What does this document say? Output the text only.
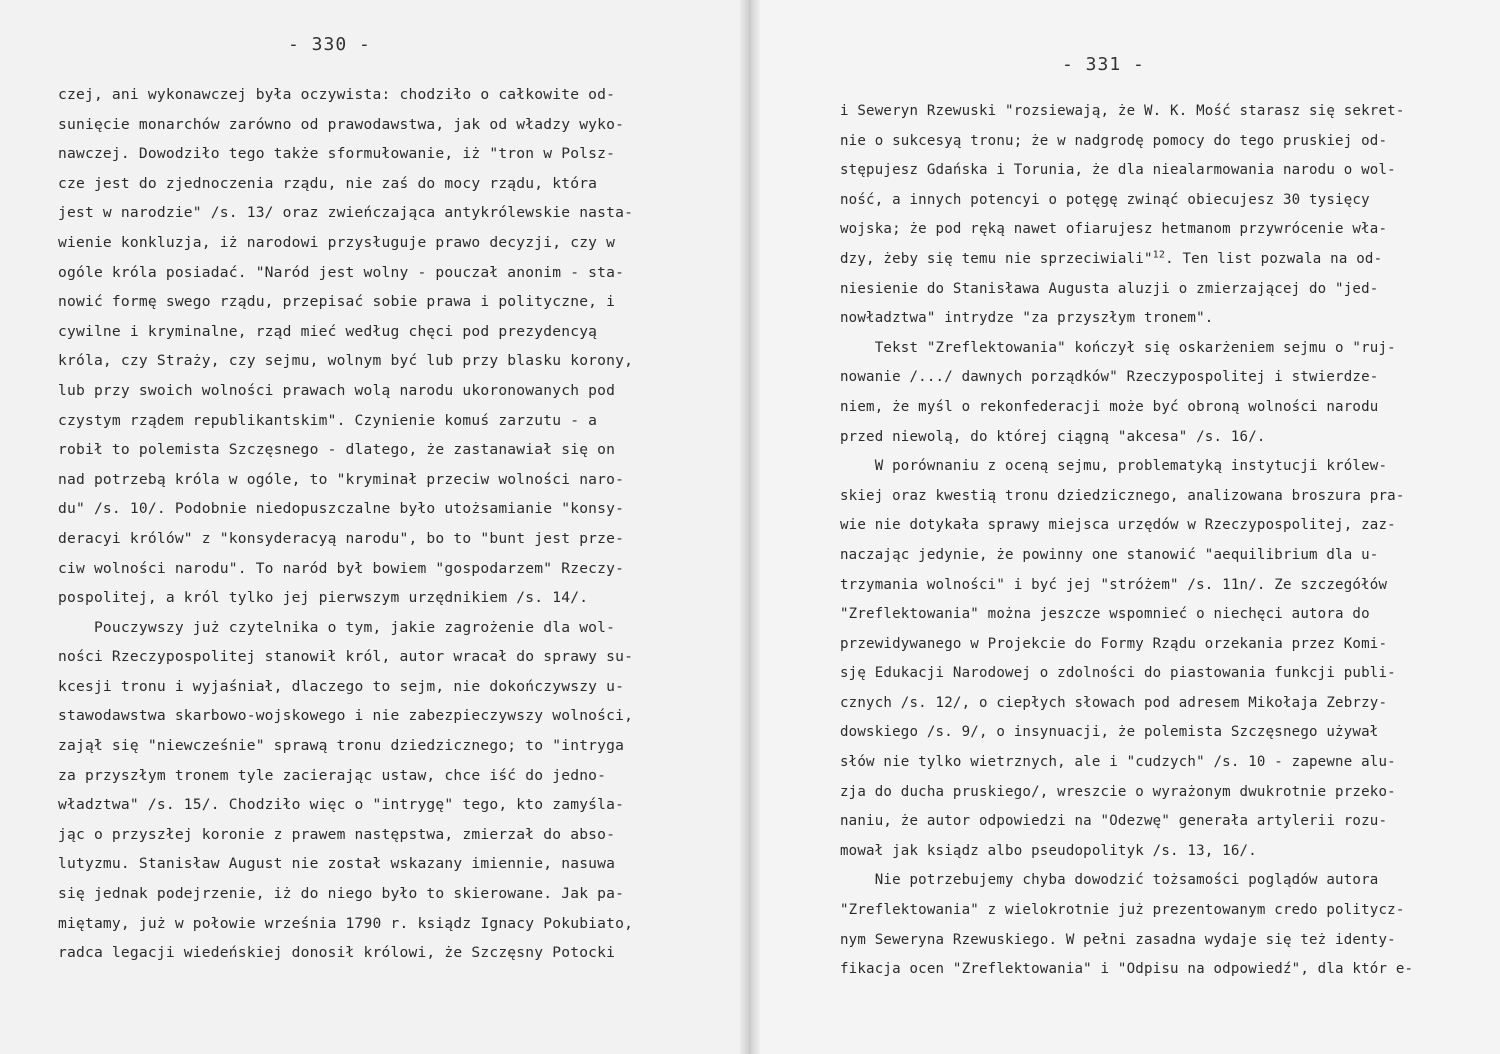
- 330 -
czej, ani wykonawczej była oczywista: chodziło o całkowite od-
sunięcie monarchów zarówno od prawodawstwa, jak od władzy wyko-
nawczej. Dowodziło tego także sformułowanie, iż "tron w Polsz-
cze jest do zjednoczenia rządu, nie zaś do mocy rządu, która
jest w narodzie" /s. 13/ oraz zwieńczająca antykrólewskie nasta-
wienie konkluzja, iż narodowi przysługuje prawo decyzji, czy w
ogóle króla posiadać. "Naród jest wolny - pouczał anonim - sta-
nowić formę swego rządu, przepisać sobie prawa i polityczne, i
cywilne i kryminalne, rząd mieć według chęci pod prezydencyą
króla, czy Straży, czy sejmu, wolnym być lub przy blasku korony,
lub przy swoich wolności prawach wolą narodu ukoronowanych pod
czystym rządem republikantskim". Czynienie komuś zarzutu - a
robił to polemista Szczęsnego - dlatego, że zastanawiał się on
nad potrzebą króla w ogóle, to "kryminał przeciw wolności naro-
du" /s. 10/. Podobnie niedopuszczalne było utożsamianie "konsy-
deracyi królów" z "konsyderacyą narodu", bo to "bunt jest prze-
ciw wolności narodu". To naród był bowiem "gospodarzem" Rzeczy-
pospolitej, a król tylko jej pierwszym urzędnikiem /s. 14/.
Pouczywszy już czytelnika o tym, jakie zagrożenie dla wol-
ności Rzeczypospolitej stanowił król, autor wracał do sprawy su-
kcesji tronu i wyjaśniał, dlaczego to sejm, nie dokończywszy u-
stawodawstwa skarbowo-wojskowego i nie zabezpieczywszy wolności,
zajął się "niewcześnie" sprawą tronu dziedzicznego; to "intryga
za przyszłym tronem tyle zacierając ustaw, chce iść do jedno-
władztwa" /s. 15/. Chodziło więc o "intrygę" tego, kto zamyśla-
jąc o przyszłej koronie z prawem następstwa, zmierzał do abso-
lutyzmu. Stanisław August nie został wskazany imiennie, nasuwa
się jednak podejrzenie, iż do niego było to skierowane. Jak pa-
miętamy, już w połowie września 1790 r. ksiądz Ignacy Pokubiato,
radca legacji wiedeńskiej donosił królowi, że Szczęsny Potocki
- 331 -
i Seweryn Rzewuski "rozsiewają, że W. K. Mość starasz się sekret-
nie o sukcesyą tronu; że w nadgrodę pomocy do tego pruskiej od-
stępujesz Gdańska i Torunia, że dla niealarmowania narodu o wol-
ność, a innych potencyi o potęgę zwinąć obiecujesz 30 tysięcy
wojska; że pod ręką nawet ofiarujesz hetmanom przywrócenie wła-
dzy, żeby się temu nie sprzeciwiali"$^{12}$. Ten list pozwala na od-
niesienie do Stanisława Augusta aluzji o zmierzającej do "jed-
nowładztwa" intrydze "za przyszłym tronem".
Tekst "Zreflektowania" kończył się oskarżeniem sejmu o "ruj-
nowanie /.../ dawnych porządków" Rzeczypospolitej i stwierdze-
niem, że myśl o rekonfederacji może być obroną wolności narodu
przed niewolą, do której ciągną "akcesa" /s. 16/.
W porównaniu z oceną sejmu, problematyką instytucji królew-
skiej oraz kwestią tronu dziedzicznego, analizowana broszura pra-
wie nie dotykała sprawy miejsca urzędów w Rzeczypospolitej, zaz-
naczając jedynie, że powinny one stanowić "aequilibrium dla u-
trzymania wolności" i być jej "stróżem" /s. 11n/. Ze szczegółów
"Zreflektowania" można jeszcze wspomnieć o niechęci autora do
przewidywanego w Projekcie do Formy Rządu orzekania przez Komi-
sję Edukacji Narodowej o zdolności do piastowania funkcji publi-
cznych /s. 12/, o ciepłych słowach pod adresem Mikołaja Zebrzy-
dowskiego /s. 9/, o insynuacji, że polemista Szczęsnego używał
słów nie tylko wietrznych, ale i "cudzych" /s. 10 - zapewne alu-
zja do ducha pruskiego/, wreszcie o wyrażonym dwukrotnie przeko-
naniu, że autor odpowiedzi na "Odezwę" generała artylerii rozu-
mował jak ksiądz albo pseudopolityk /s. 13, 16/.
Nie potrzebujemy chyba dowodzić tożsamości poglądów autora
"Zreflektowania" z wielokrotnie już prezentowanym credo politycz-
nym Seweryna Rzewuskiego. W pełni zasadna wydaje się też identy-
fikacja ocen "Zreflektowania" i "Odpisu na odpowiedź", dla któr e-
